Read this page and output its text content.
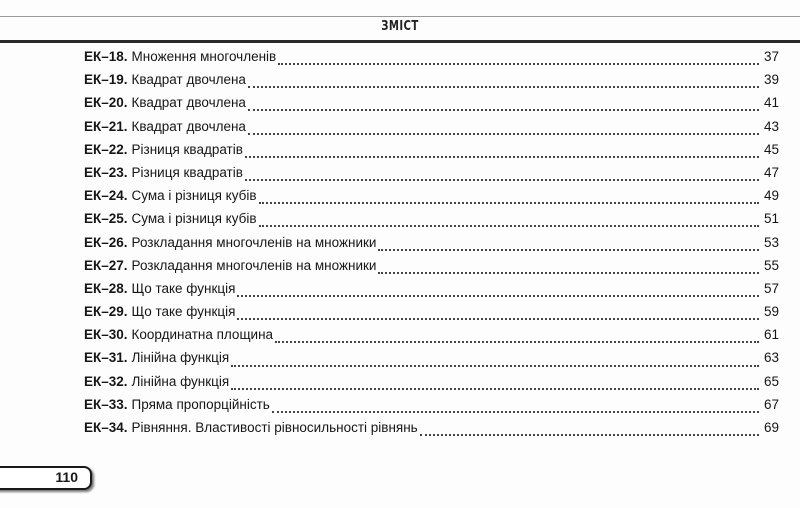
ЗМІСТ
ЕК–18. Множення многочленів	37
ЕК–19. Квадрат двочлена	39
ЕК–20. Квадрат двочлена	41
ЕК–21. Квадрат двочлена	43
ЕК–22. Різниця квадратів	45
ЕК–23. Різниця квадратів	47
ЕК–24. Сума і різниця кубів	49
ЕК–25. Сума і різниця кубів	51
ЕК–26. Розкладання многочленів на множники	53
ЕК–27. Розкладання многочленів на множники	55
ЕК–28. Що таке функція	57
ЕК–29. Що таке функція	59
ЕК–30. Координатна площина	61
ЕК–31. Лінійна функція	63
ЕК–32. Лінійна функція	65
ЕК–33. Пряма пропорційність	67
ЕК–34. Рівняння. Властивості рівносильності рівнянь	69
110
